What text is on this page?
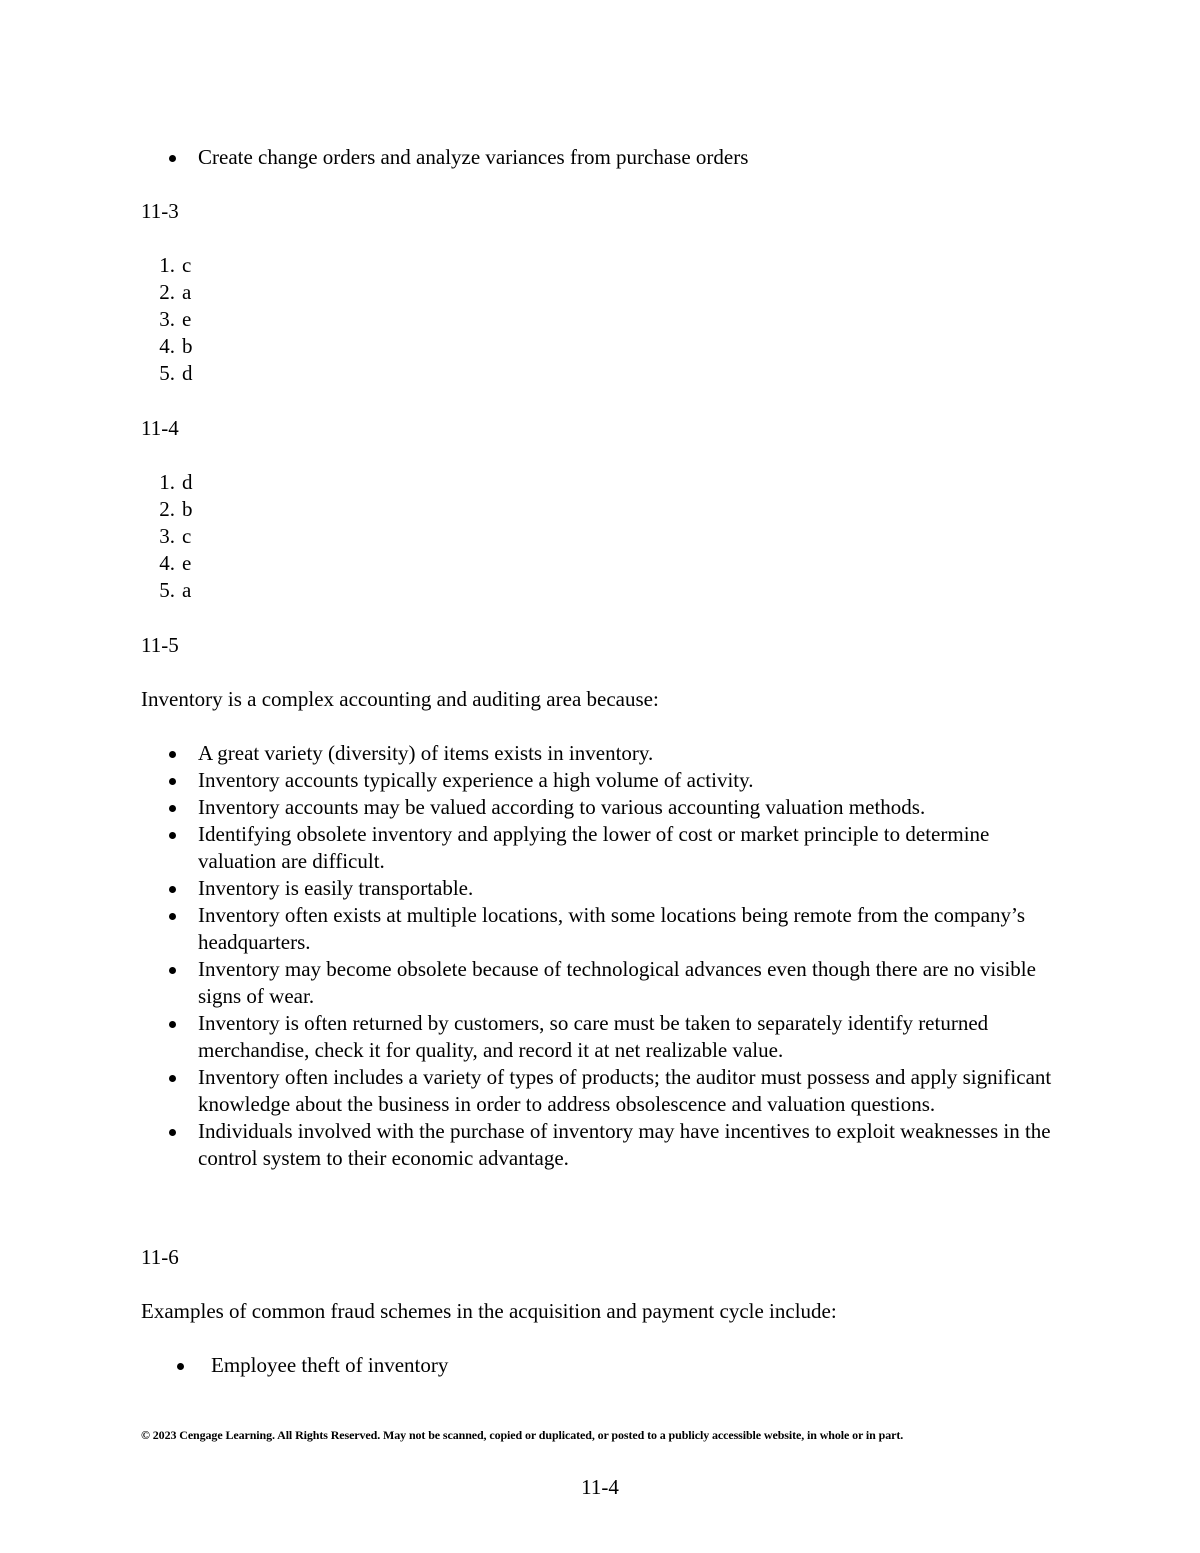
Create change orders and analyze variances from purchase orders

11-3

1. c
2. a
3. e
4. b
5. d

11-4

1. d
2. b
3. c
4. e
5. a

11-5

Inventory is a complex accounting and auditing area because:

A great variety (diversity) of items exists in inventory.
Inventory accounts typically experience a high volume of activity.
Inventory accounts may be valued according to various accounting valuation methods.
Identifying obsolete inventory and applying the lower of cost or market principle to determine valuation are difficult.
Inventory is easily transportable.
Inventory often exists at multiple locations, with some locations being remote from the company’s headquarters.
Inventory may become obsolete because of technological advances even though there are no visible signs of wear.
Inventory is often returned by customers, so care must be taken to separately identify returned merchandise, check it for quality, and record it at net realizable value.
Inventory often includes a variety of types of products; the auditor must possess and apply significant knowledge about the business in order to address obsolescence and valuation questions.
Individuals involved with the purchase of inventory may have incentives to exploit weaknesses in the control system to their economic advantage.

11-6

Examples of common fraud schemes in the acquisition and payment cycle include:

Employee theft of inventory
© 2023 Cengage Learning. All Rights Reserved. May not be scanned, copied or duplicated, or posted to a publicly accessible website, in whole or in part.
11-4
